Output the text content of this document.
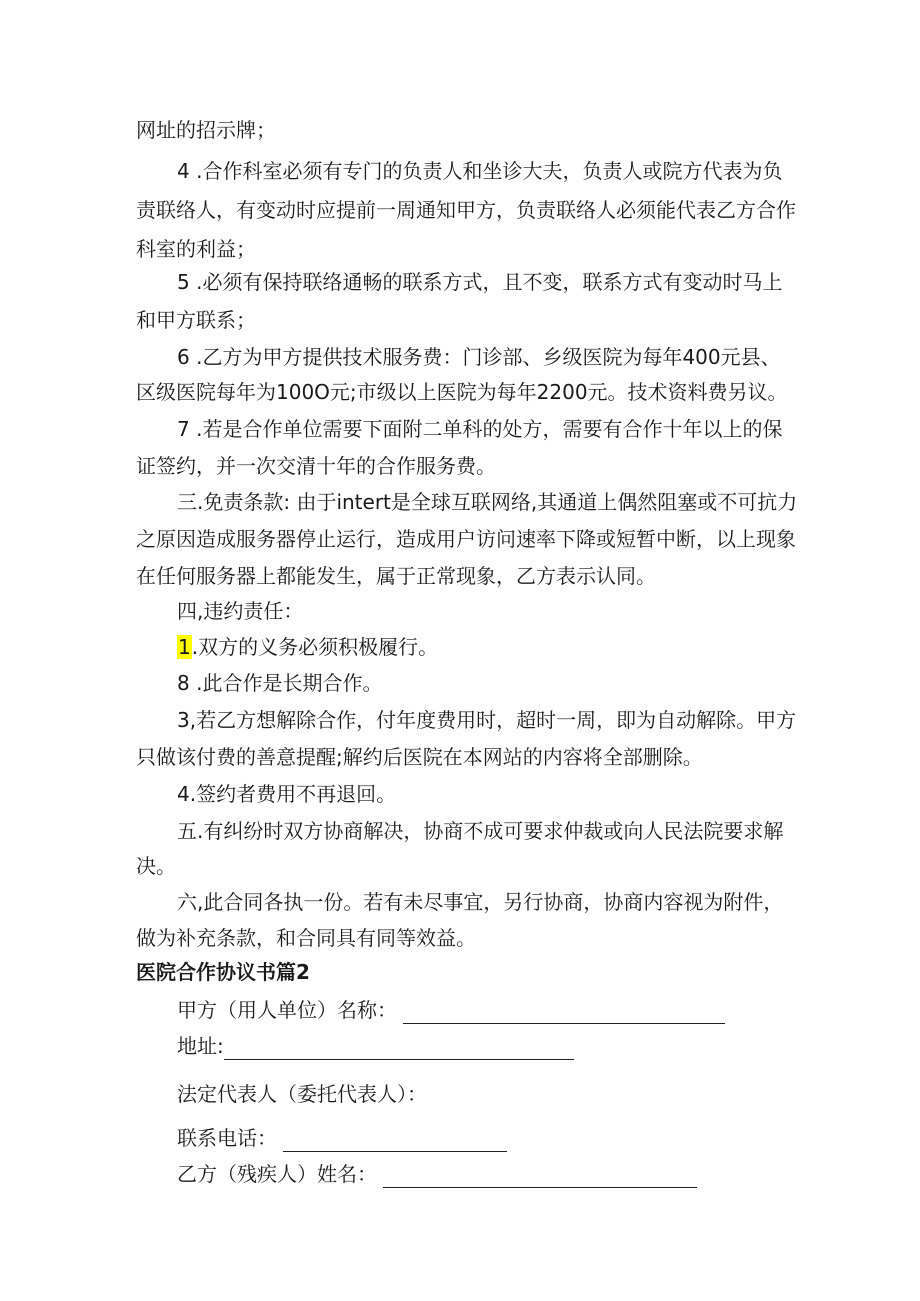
网址的招示牌；
4 .合作科室必须有专门的负责人和坐诊大夫，负责人或院方代表为负
责联络人，有变动时应提前一周通知甲方，负责联络人必须能代表乙方合作
科室的利益；
5 .必须有保持联络通畅的联系方式，且不变，联系方式有变动时马上
和甲方联系；
6 .乙方为甲方提供技术服务费：门诊部、乡级医院为每年400元县、
区级医院每年为100O元;市级以上医院为每年2200元。技术资料费另议。
7 .若是合作单位需要下面附二单科的处方，需要有合作十年以上的保
证签约，并一次交清十年的合作服务费。
三.免责条款: 由于intert是全球互联网络,其通道上偶然阻塞或不可抗力
之原因造成服务器停止运行，造成用户访问速率下降或短暂中断，以上现象
在任何服务器上都能发生，属于正常现象，乙方表示认同。
四,违约责任：
1.双方的义务必须积极履行。
8 .此合作是长期合作。
3,若乙方想解除合作，付年度费用时，超时一周，即为自动解除。甲方
只做该付费的善意提醒;解约后医院在本网站的内容将全部删除。
4.签约者费用不再退回。
五.有纠纷时双方协商解决，协商不成可要求仲裁或向人民法院要求解
决。
六,此合同各执一份。若有未尽事宜，另行协商，协商内容视为附件，
做为补充条款，和合同具有同等效益。
医院合作协议书篇2
甲方（用人单位）名称：
地址:
法定代表人（委托代表人）：
联系电话：
乙方（残疾人）姓名：
